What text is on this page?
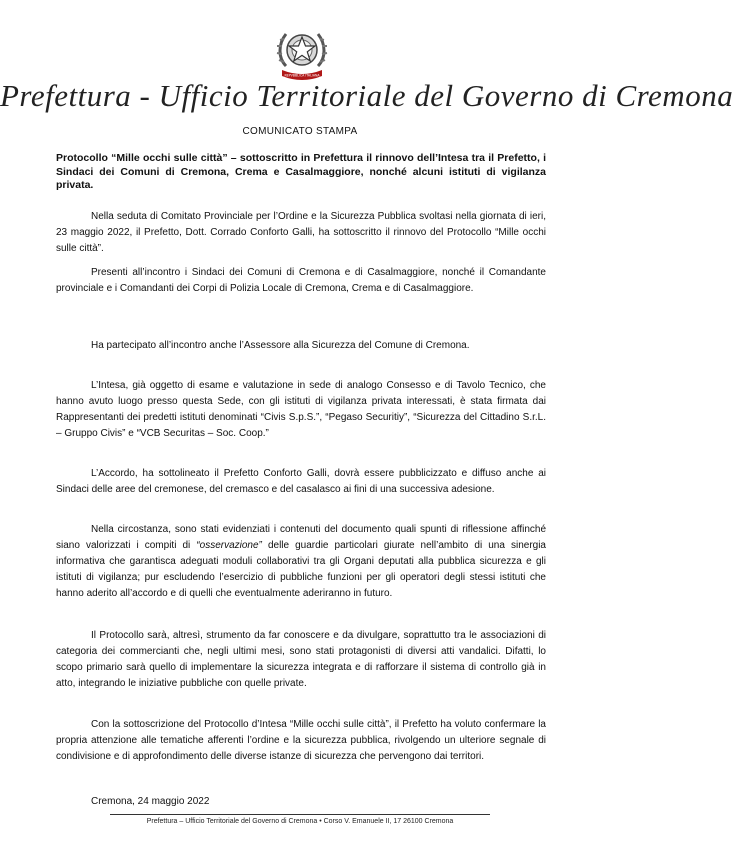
REPVBBLICA ITALIANA
Prefettura - Ufficio Territoriale del Governo di Cremona
COMUNICATO STAMPA
Protocollo “Mille occhi sulle città” – sottoscritto in Prefettura il rinnovo dell’Intesa tra il Prefetto, i Sindaci dei Comuni di Cremona, Crema e Casalmaggiore, nonché alcuni istituti di vigilanza privata.

Nella seduta di Comitato Provinciale per l’Ordine e la Sicurezza Pubblica svoltasi nella giornata di ieri, 23 maggio 2022, il Prefetto, Dott. Corrado Conforto Galli, ha sottoscritto il rinnovo del Protocollo “Mille occhi sulle città”.

Presenti all’incontro i Sindaci dei Comuni di Cremona e di Casalmaggiore, nonché il Comandante provinciale e i Comandanti dei Corpi di Polizia Locale di Cremona, Crema e di Casalmaggiore.

Ha partecipato all’incontro anche l’Assessore alla Sicurezza del Comune di Cremona.

L’Intesa, già oggetto di esame e valutazione in sede di analogo Consesso e di Tavolo Tecnico, che hanno avuto luogo presso questa Sede, con gli istituti di vigilanza privata interessati, è stata firmata dai Rappresentanti dei predetti istituti denominati “Civis S.p.S.”, “Pegaso Securitiy”, “Sicurezza del Cittadino S.r.L. – Gruppo Civis” e “VCB Securitas – Soc. Coop.”

L’Accordo, ha sottolineato il Prefetto Conforto Galli, dovrà essere pubblicizzato e diffuso anche ai Sindaci delle aree del cremonese, del cremasco e del casalasco ai fini di una successiva adesione.

Nella circostanza, sono stati evidenziati i contenuti del documento quali spunti di riflessione affinché siano valorizzati i compiti di “osservazione” delle guardie particolari giurate nell’ambito di una sinergia informativa che garantisca adeguati moduli collaborativi tra gli Organi deputati alla pubblica sicurezza e gli istituti di vigilanza; pur escludendo l’esercizio di pubbliche funzioni per gli operatori degli stessi istituti che hanno aderito all’accordo e di quelli che eventualmente aderiranno in futuro.

Il Protocollo sarà, altresì, strumento da far conoscere e da divulgare, soprattutto tra le associazioni di categoria dei commercianti che, negli ultimi mesi, sono stati protagonisti di diversi atti vandalici. Difatti, lo scopo primario sarà quello di implementare la sicurezza integrata e di rafforzare il sistema di controllo già in atto, integrando le iniziative pubbliche con quelle private.

Con la sottoscrizione del Protocollo d’Intesa “Mille occhi sulle città”, il Prefetto ha voluto confermare la propria attenzione alle tematiche afferenti l’ordine e la sicurezza pubblica, rivolgendo un ulteriore segnale di condivisione e di approfondimento delle diverse istanze di sicurezza che pervengono dai territori.

Cremona, 24 maggio 2022
Prefettura – Ufficio Territoriale del Governo di Cremona • Corso V. Emanuele II, 17 26100 Cremona
